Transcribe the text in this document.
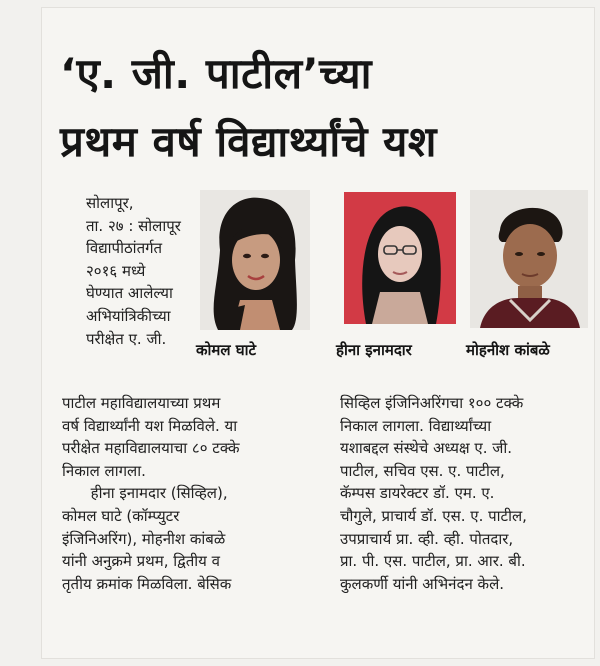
‘ए. जी. पाटील’च्या
प्रथम वर्ष विद्यार्थ्यांचे यश
सोलापूर,
ता. २७ : सोलापूर
विद्यापीठांतर्गत
२०१६ मध्ये
घेण्यात आलेल्या
अभियांत्रिकीच्या
परीक्षेत ए. जी.
कोमल घाटे	हीना इनामदार	मोहनीश कांबळे
पाटील महाविद्यालयाच्या प्रथम
वर्ष विद्यार्थ्यांनी यश मिळविले. या
परीक्षेत महाविद्यालयाचा ८० टक्के
निकाल लागला.
हीना इनामदार (सिव्हिल),
कोमल घाटे (कॉम्प्युटर
इंजिनिअरिंग), मोहनीश कांबळे
यांनी अनुक्रमे प्रथम, द्वितीय व
तृतीय क्रमांक मिळविला. बेसिक
सिव्हिल इंजिनिअरिंगचा १०० टक्के
निकाल लागला. विद्यार्थ्यांच्या
यशाबद्दल संस्थेचे अध्यक्ष ए. जी.
पाटील, सचिव एस. ए. पाटील,
कॅम्पस डायरेक्टर डॉ. एम. ए.
चौगुले, प्राचार्य डॉ. एस. ए. पाटील,
उपप्राचार्य प्रा. व्ही. व्ही. पोतदार,
प्रा. पी. एस. पाटील, प्रा. आर. बी.
कुलकर्णी यांनी अभिनंदन केले.
